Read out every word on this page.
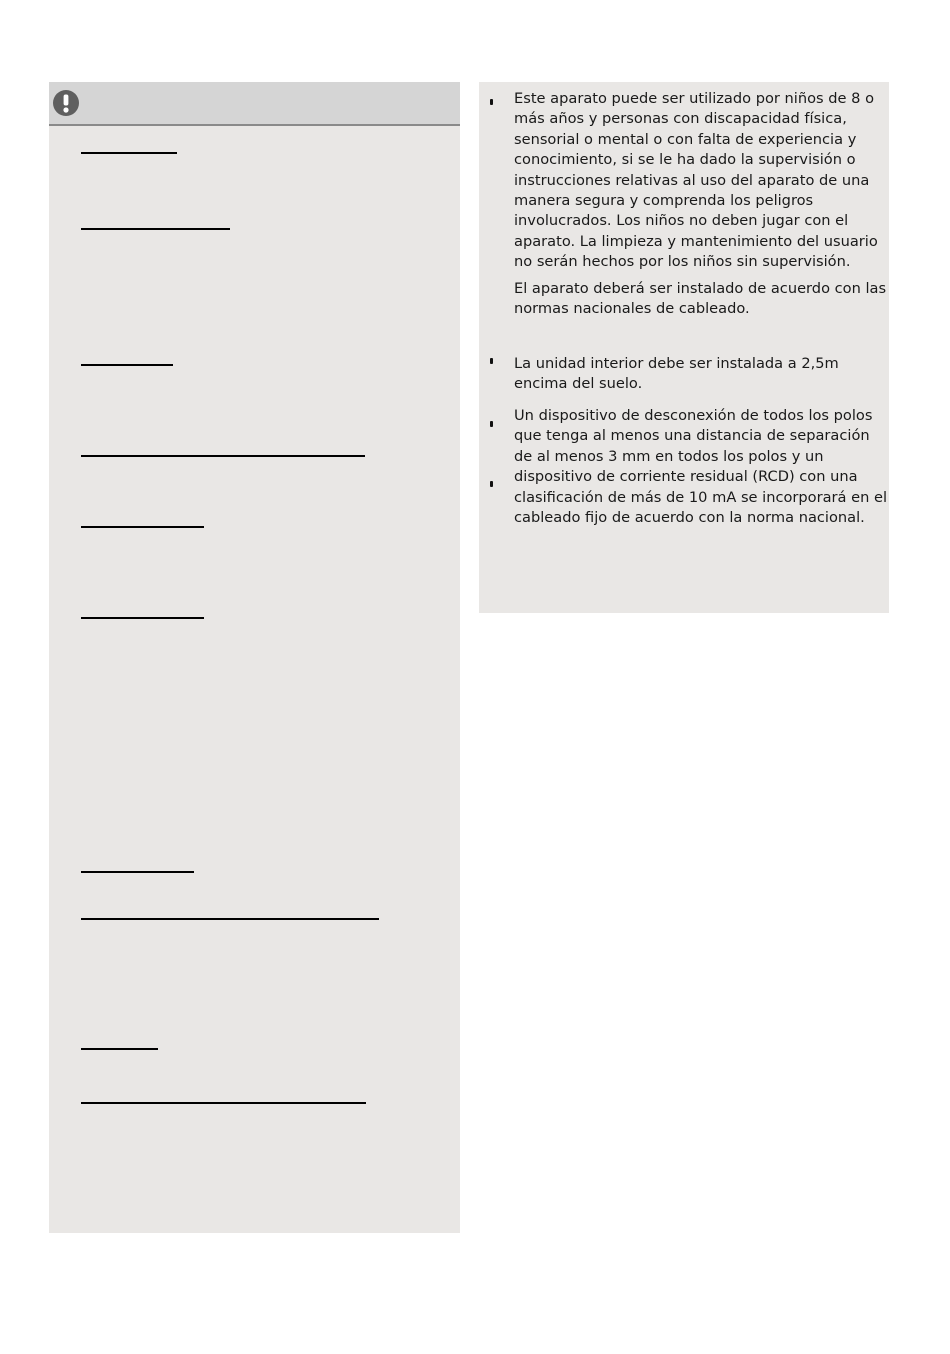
Este aparato puede ser utilizado por niños de 8 o más años y personas con discapacidad física, sensorial o mental o con falta de experiencia y conocimiento, si se le ha dado la supervisión o instrucciones relativas al uso del aparato de una manera segura y comprenda los peligros involucrados. Los niños no deben jugar con el aparato. La limpieza y mantenimiento del usuario no serán hechos por los niños sin supervisión.

El aparato deberá ser instalado de acuerdo con las normas nacionales de cableado.

La unidad interior debe ser instalada a 2,5m encima del suelo.

Un dispositivo de desconexión de todos los polos que tenga al menos una distancia de separación de al menos 3 mm en todos los polos y un dispositivo de corriente residual (RCD) con una clasificación de más de 10 mA se incorporará en el cableado fijo de acuerdo con la norma nacional.
